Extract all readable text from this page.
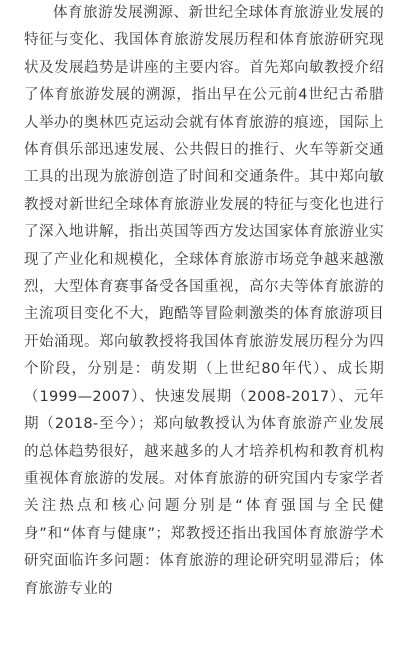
体育旅游发展溯源、新世纪全球体育旅游业发展的特征与变化、我国体育旅游发展历程和体育旅游研究现状及发展趋势是讲座的主要内容。首先郑向敏教授介绍了体育旅游发展的溯源，指出早在公元前4世纪古希腊人举办的奥林匹克运动会就有体育旅游的痕迹，国际上体育俱乐部迅速发展、公共假日的推行、火车等新交通工具的出现为旅游创造了时间和交通条件。其中郑向敏教授对新世纪全球体育旅游业发展的特征与变化也进行了深入地讲解，指出英国等西方发达国家体育旅游业实现了产业化和规模化，全球体育旅游市场竞争越来越激烈，大型体育赛事备受各国重视，高尔夫等体育旅游的主流项目变化不大，跑酷等冒险刺激类的体育旅游项目开始涌现。郑向敏教授将我国体育旅游发展历程分为四个阶段，分别是：萌发期（上世纪80年代）、成长期（1999—2007）、快速发展期（2008-2017）、元年期（2018-至今）；郑向敏教授认为体育旅游产业发展的总体趋势很好，越来越多的人才培养机构和教育机构重视体育旅游的发展。对体育旅游的研究国内专家学者关注热点和核心问题分别是“体育强国与全民健身”和“体育与健康”；郑教授还指出我国体育旅游学术研究面临许多问题：体育旅游的理论研究明显滞后；体育旅游专业的
